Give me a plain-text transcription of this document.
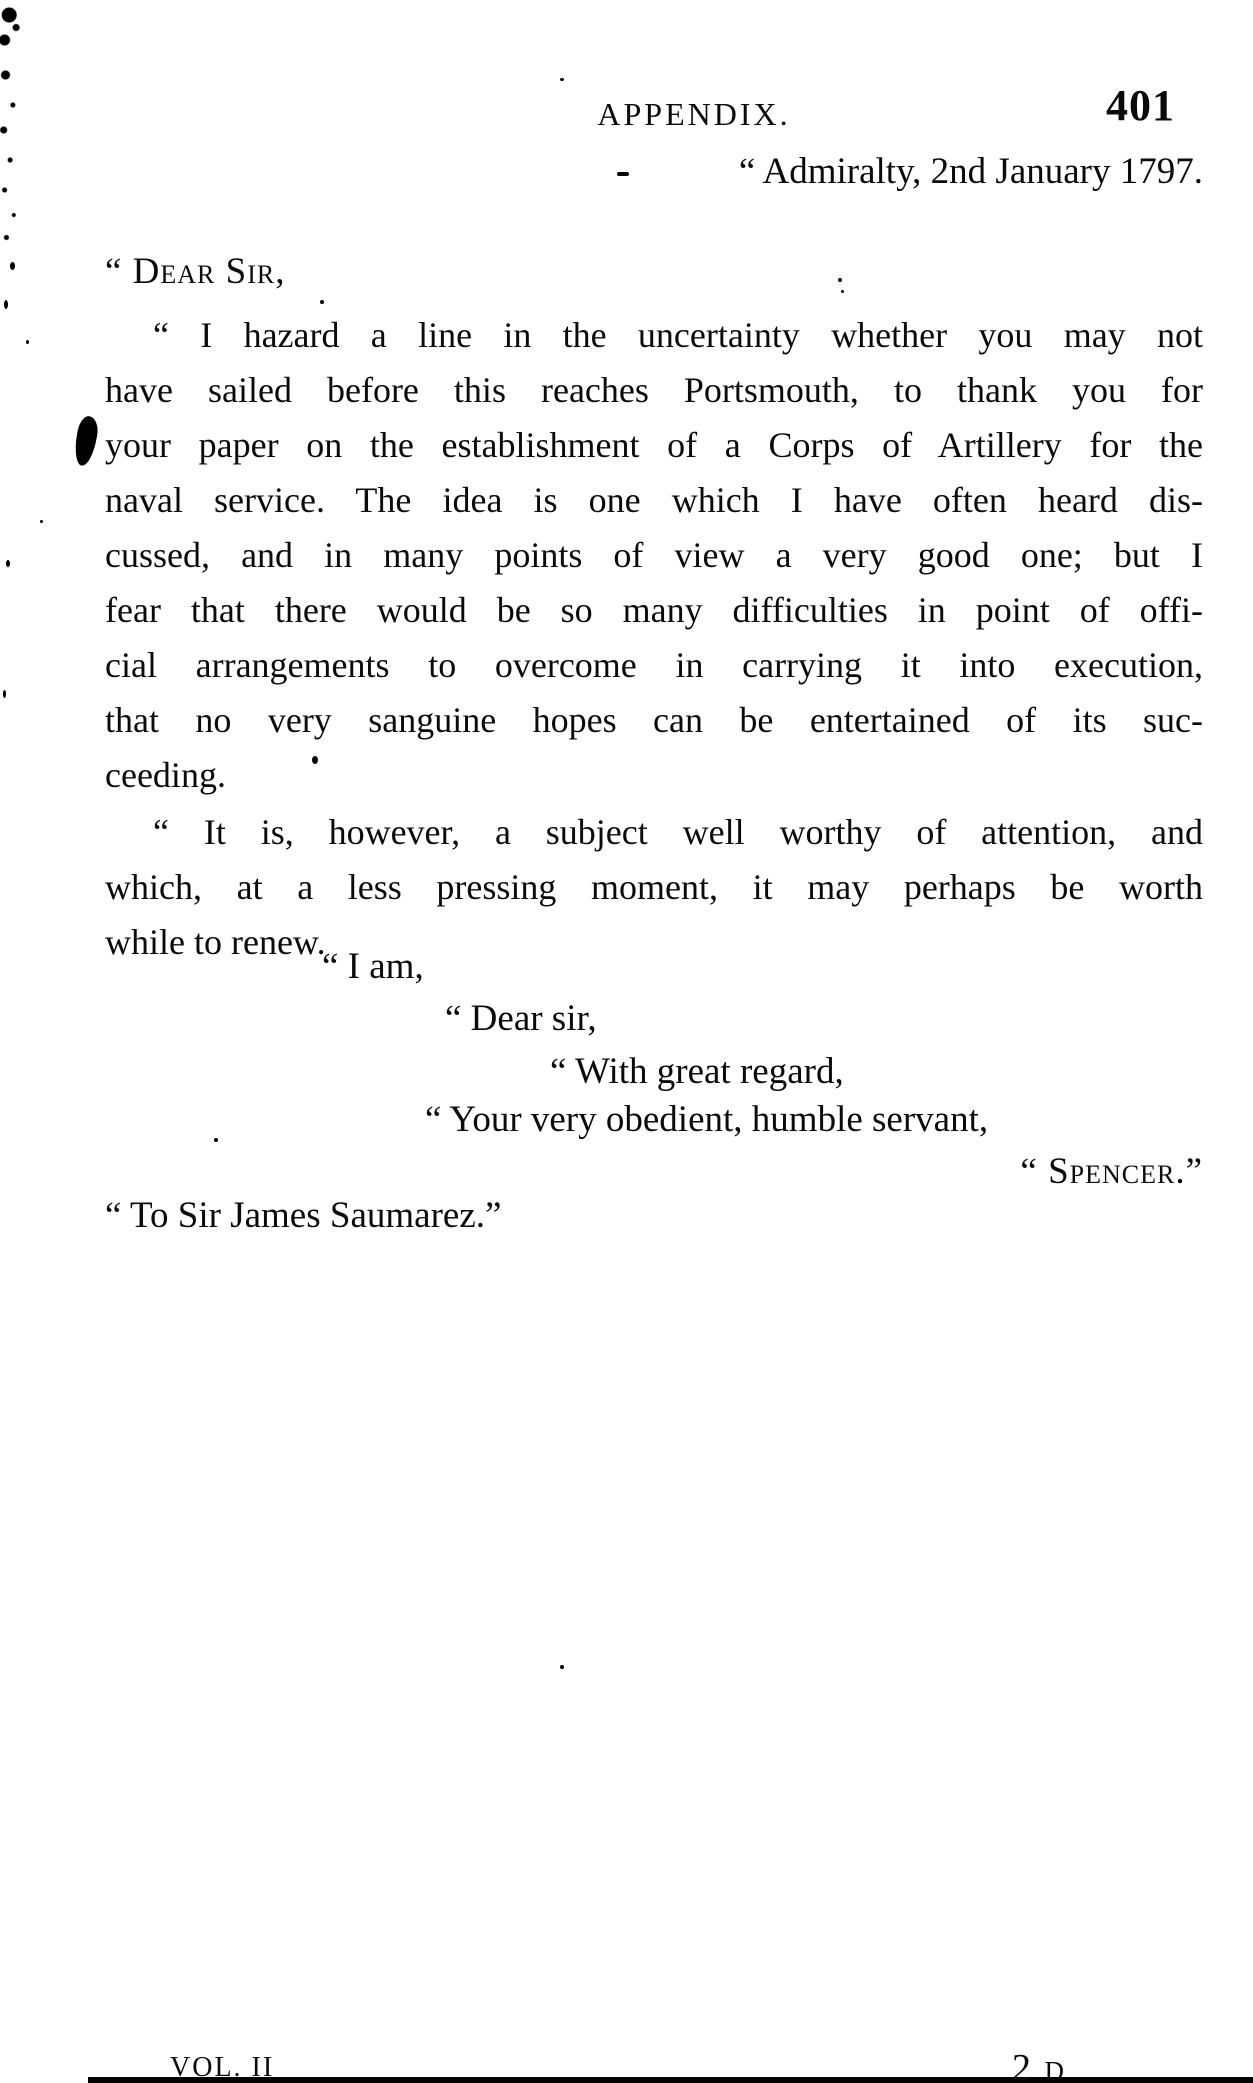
APPENDIX.	401
“ Admiralty, 2nd January 1797.
“ Dear Sir,
“ I hazard a line in the uncertainty whether you may not
have sailed before this reaches Portsmouth, to thank you for
your paper on the establishment of a Corps of Artillery for the
naval service. The idea is one which I have often heard dis-
cussed, and in many points of view a very good one; but I
fear that there would be so many difficulties in point of offi-
cial arrangements to overcome in carrying it into execution,
that no very sanguine hopes can be entertained of its suc-
ceeding.
“ It is, however, a subject well worthy of attention, and
which, at a less pressing moment, it may perhaps be worth
while to renew.
“ I am,
“ Dear sir,
“ With great regard,
“ Your very obedient, humble servant,
“ Spencer.”
“ To Sir James Saumarez.”
VOL. II	2 D
